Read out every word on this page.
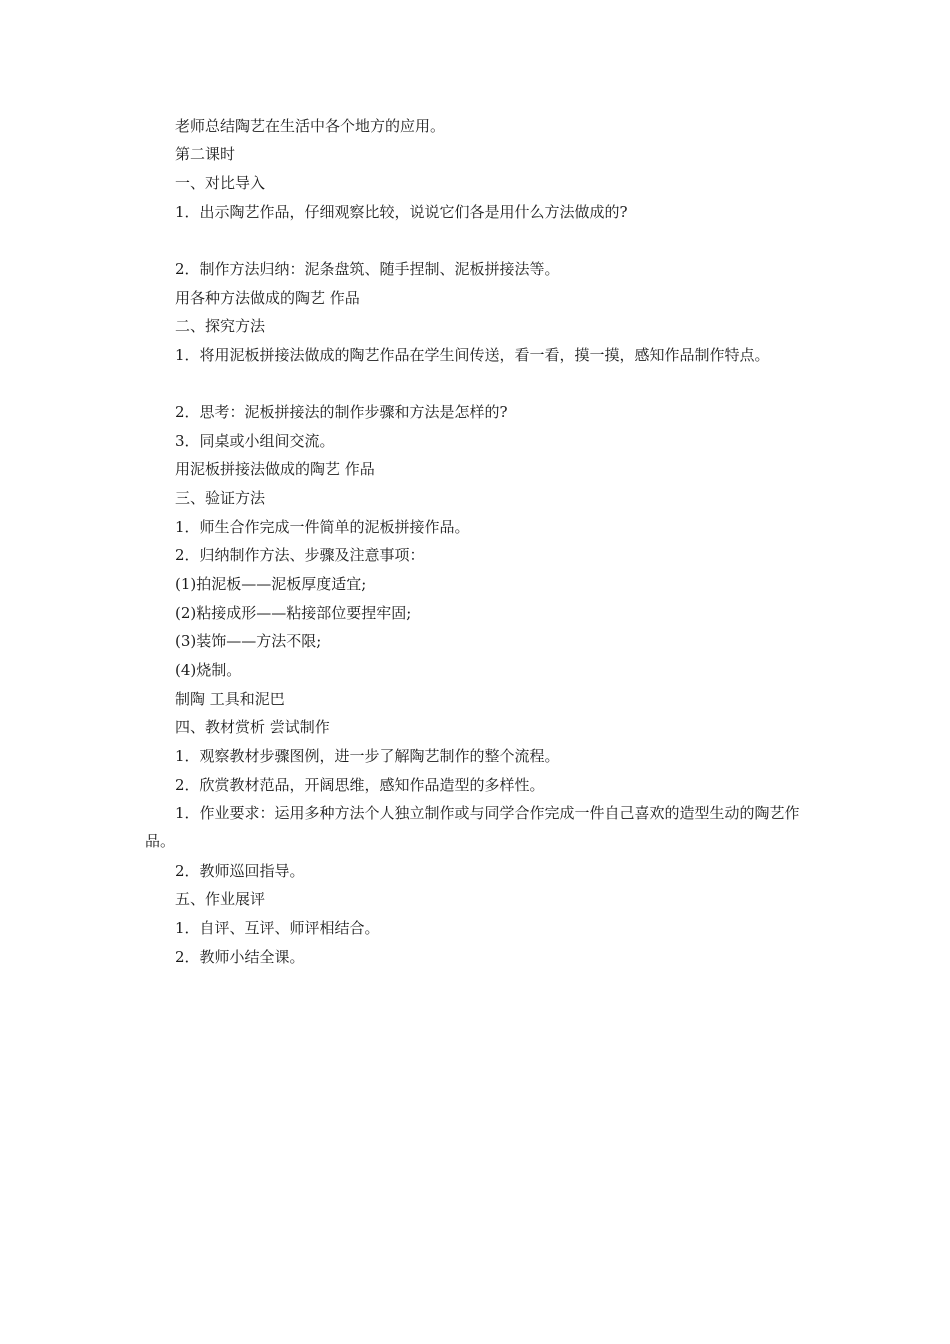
老师总结陶艺在生活中各个地方的应用。
第二课时
一、对比导入
1．出示陶艺作品，仔细观察比较，说说它们各是用什么方法做成的?
2．制作方法归纳：泥条盘筑、随手捏制、泥板拼接法等。
用各种方法做成的陶艺 作品
二、探究方法
1．将用泥板拼接法做成的陶艺作品在学生间传送，看一看，摸一摸，感知作品制作特点。
2．思考：泥板拼接法的制作步骤和方法是怎样的?
3．同桌或小组间交流。
用泥板拼接法做成的陶艺 作品
三、验证方法
1．师生合作完成一件简单的泥板拼接作品。
2．归纳制作方法、步骤及注意事项：
(1)拍泥板——泥板厚度适宜;
(2)粘接成形——粘接部位要捏牢固;
(3)装饰——方法不限;
(4)烧制。
制陶 工具和泥巴
四、教材赏析 尝试制作
1．观察教材步骤图例，进一步了解陶艺制作的整个流程。
2．欣赏教材范品，开阔思维，感知作品造型的多样性。
1．作业要求：运用多种方法个人独立制作或与同学合作完成一件自己喜欢的造型生动的陶艺作品。
2．教师巡回指导。
五、作业展评
1．自评、互评、师评相结合。
2．教师小结全课。
